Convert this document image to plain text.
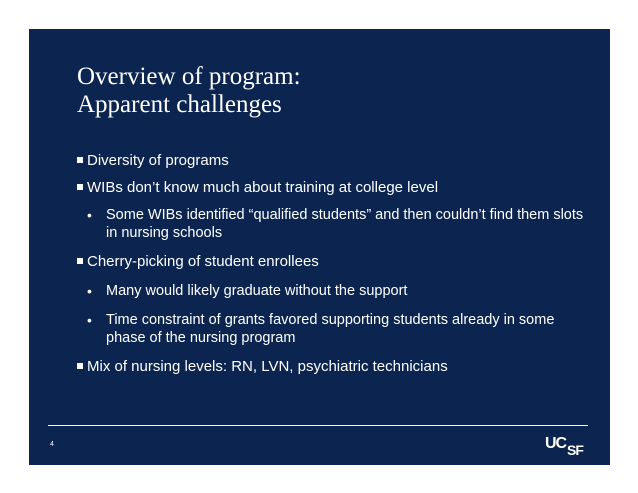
Overview of program:
Apparent challenges

Diversity of programs

WIBs don’t know much about training at college level

• Some WIBs identified “qualified students” and then couldn’t find them slots in nursing schools

Cherry-picking of student enrollees

• Many would likely graduate without the support

• Time constraint of grants favored supporting students already in some phase of the nursing program

Mix of nursing levels: RN, LVN, psychiatric technicians

4	UC SF
